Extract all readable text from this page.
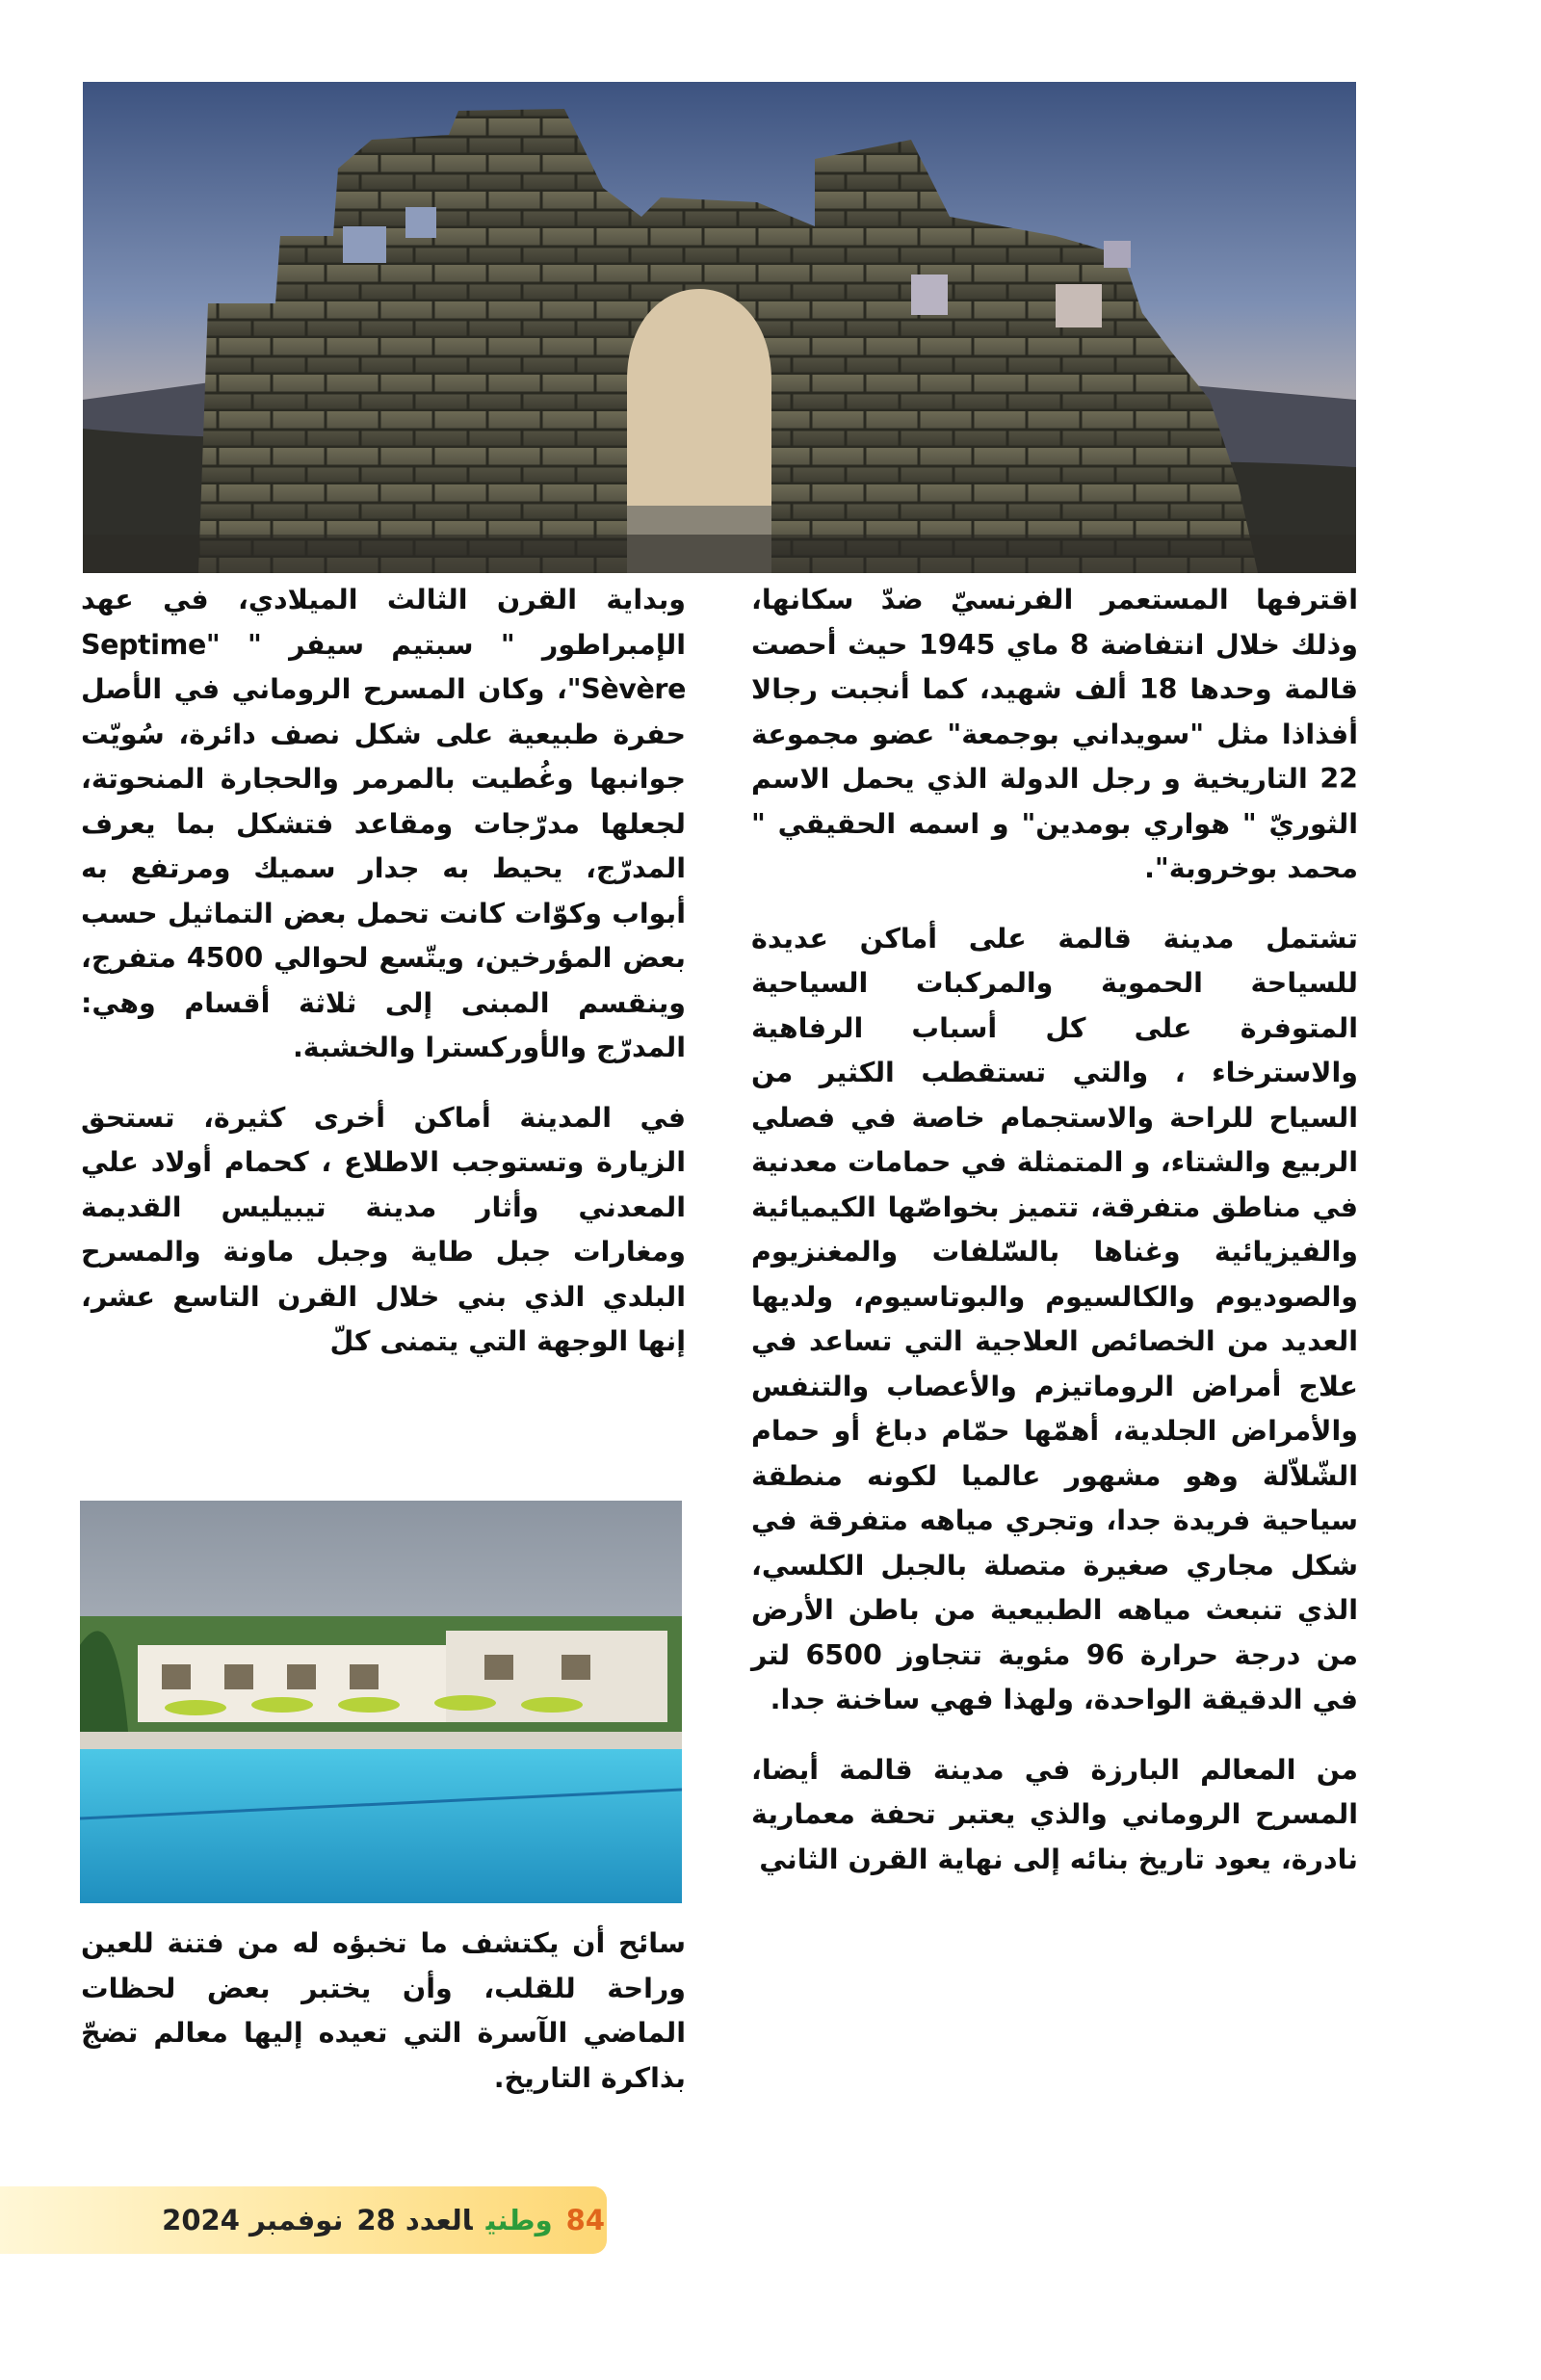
اقترفها المستعمر الفرنسيّ ضدّ سكانها، وذلك خلال انتفاضة 8 ماي 1945 حيث أحصت قالمة وحدها 18 ألف شهيد، كما أنجبت رجالا أفذاذا مثل "سويداني بوجمعة" عضو مجموعة 22 التاريخية و رجل الدولة الذي يحمل الاسم الثوريّ " هواري بومدين" و اسمه الحقيقي " محمد بوخروبة".

تشتمل مدينة قالمة على أماكن عديدة للسياحة الحموية والمركبات السياحية المتوفرة على كل أسباب الرفاهية والاسترخاء ، والتي تستقطب الكثير من السياح للراحة والاستجمام خاصة في فصلي الربيع والشتاء، و المتمثلة في حمامات معدنية في مناطق متفرقة، تتميز بخواصّها الكيميائية والفيزيائية وغناها بالسّلفات والمغنزيوم والصوديوم والكالسيوم والبوتاسيوم، ولديها العديد من الخصائص العلاجية التي تساعد في علاج أمراض الروماتيزم والأعصاب والتنفس والأمراض الجلدية، أهمّها حمّام دباغ أو حمام الشّلاّلة وهو مشهور عالميا لكونه منطقة سياحية فريدة جدا، وتجري مياهه متفرقة في شكل مجاري صغيرة متصلة بالجبل الكلسي، الذي تنبعث مياهه الطبيعية من باطن الأرض من درجة حرارة 96 مئوية تتجاوز 6500 لتر في الدقيقة الواحدة، ولهذا فهي ساخنة جدا.

من المعالم البارزة في مدينة قالمة أيضا، المسرح الروماني والذي يعتبر تحفة معمارية نادرة، يعود تاريخ بنائه إلى نهاية القرن الثاني

وبداية القرن الثالث الميلادي، في عهد الإمبراطور " سبتيم سيفر " "Septime Sèvère"، وكان المسرح الروماني في الأصل حفرة طبيعية على شكل نصف دائرة، سُويّت جوانبها وغُطيت بالمرمر والحجارة المنحوتة، لجعلها مدرّجات ومقاعد فتشكل بما يعرف المدرّج، يحيط به جدار سميك ومرتفع به أبواب وكوّات كانت تحمل بعض التماثيل حسب بعض المؤرخين، ويتّسع لحوالي 4500 متفرج، وينقسم المبنى إلى ثلاثة أقسام وهي: المدرّج والأوركسترا والخشبة.

في المدينة أماكن أخرى كثيرة، تستحق الزيارة وتستوجب الاطلاع ، كحمام أولاد علي المعدني وأثار مدينة تيبيليس القديمة ومغارات جبل طاية وجبل ماونة والمسرح البلدي الذي بني خلال القرن التاسع عشر، إنها الوجهة التي يتمنى كلّ

سائح أن يكتشف ما تخبؤه له من فتنة للعين وراحة للقلب، وأن يختبر بعض لحظات الماضي الآسرة التي تعيده إليها معالم تضجّ بذاكرة التاريخ.

84وطنيالعدد 28نوفمبر 2024
